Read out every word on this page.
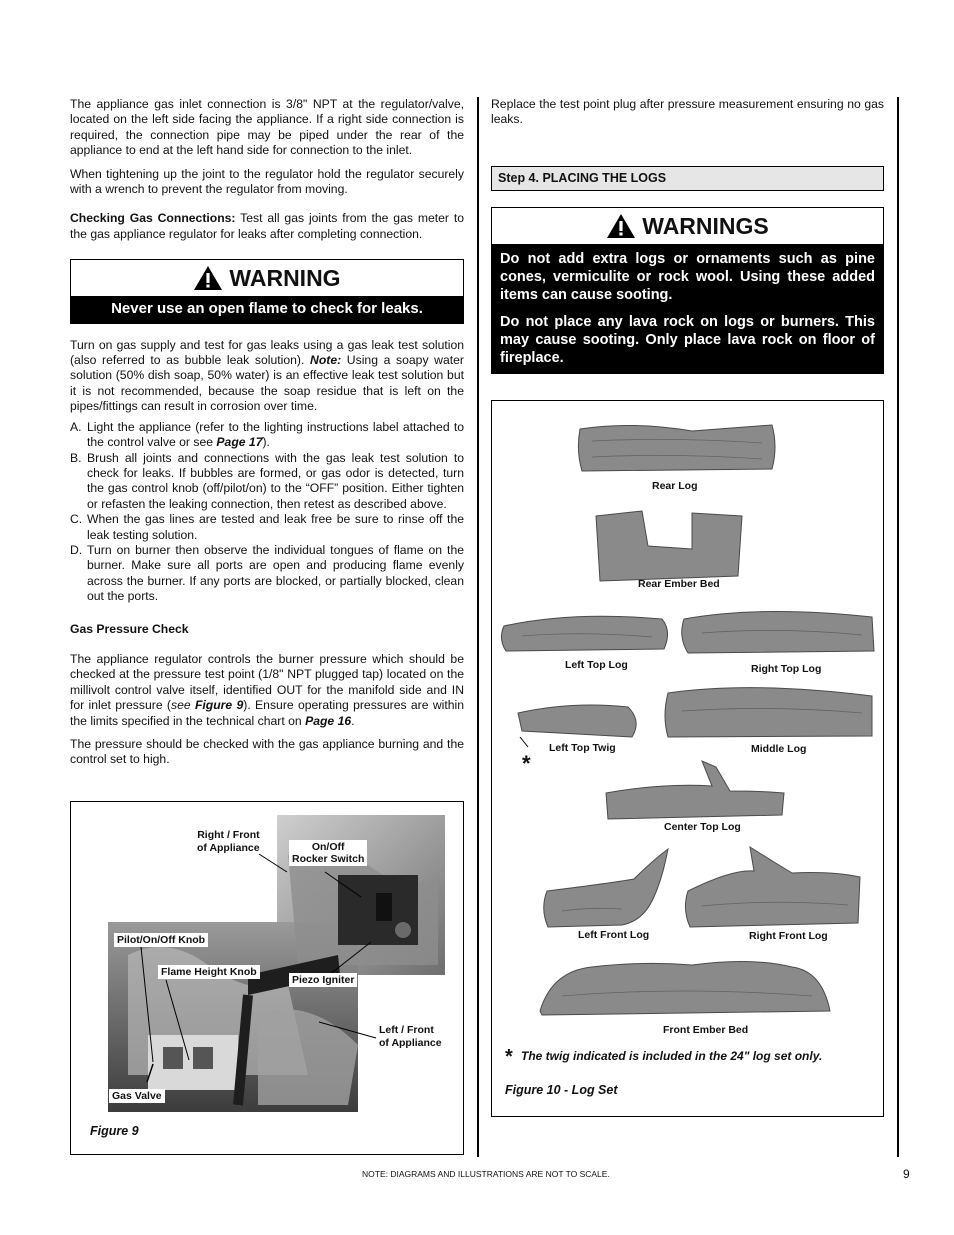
The appliance gas inlet connection is 3/8" NPT at the regulator/valve, located on the left side facing the appliance. If a right side connection is required, the connection pipe may be piped under the rear of the appliance to end at the left hand side for connection to the inlet.

When tightening up the joint to the regulator hold the regulator securely with a wrench to prevent the regulator from moving.

Checking Gas Connections: Test all gas joints from the gas meter to the gas appliance regulator for leaks after completing connection.

WARNING
Never use an open flame to check for leaks.

Turn on gas supply and test for gas leaks using a gas leak test solution (also referred to as bubble leak solution). Note: Using a soapy water solution (50% dish soap, 50% water) is an effective leak test solution but it is not recommended, because the soap residue that is left on the pipes/fittings can result in corrosion over time.

A. Light the appliance (refer to the lighting instructions label attached to the control valve or see Page 17).
B. Brush all joints and connections with the gas leak test solution to check for leaks. If bubbles are formed, or gas odor is detected, turn the gas control knob (off/pilot/on) to the “OFF” position. Either tighten or refasten the leaking connection, then retest as described above.
C. When the gas lines are tested and leak free be sure to rinse off the leak testing solution.
D. Turn on burner then observe the individual tongues of flame on the burner. Make sure all ports are open and producing flame evenly across the burner. If any ports are blocked, or partially blocked, clean out the ports.

Gas Pressure Check

The appliance regulator controls the burner pressure which should be checked at the pressure test point (1/8" NPT plugged tap) located on the millivolt control valve itself, identified OUT for the manifold side and IN for inlet pressure (see Figure 9). Ensure operating pressures are within the limits specified in the technical chart on Page 16.

The pressure should be checked with the gas appliance burning and the control set to high.

Right / Front
of Appliance	On/Off
Rocker Switch
Pilot/On/Off Knob
Flame Height Knob
Piezo Igniter
Left / Front
of Appliance
Gas Valve
Figure 9

Replace the test point plug after pressure measurement ensuring no gas leaks.

Step 4. PLACING THE LOGS
WARNINGS

Do not add extra logs or ornaments such as pine cones, vermiculite or rock wool. Using these added items can cause sooting.

Do not place any lava rock on logs or burners. This may cause sooting. Only place lava rock on floor of fireplace.

Rear Log
Rear Ember Bed
Left Top Log	Right Top Log
Left Top Twig	Middle Log
*
Center Top Log
Left Front Log	Right Front Log
Front Ember Bed
* The twig indicated is included in the 24" log set only.
Figure 10 - Log Set
NOTE: DIAGRAMS AND ILLUSTRATIONS ARE NOT TO SCALE.	9
